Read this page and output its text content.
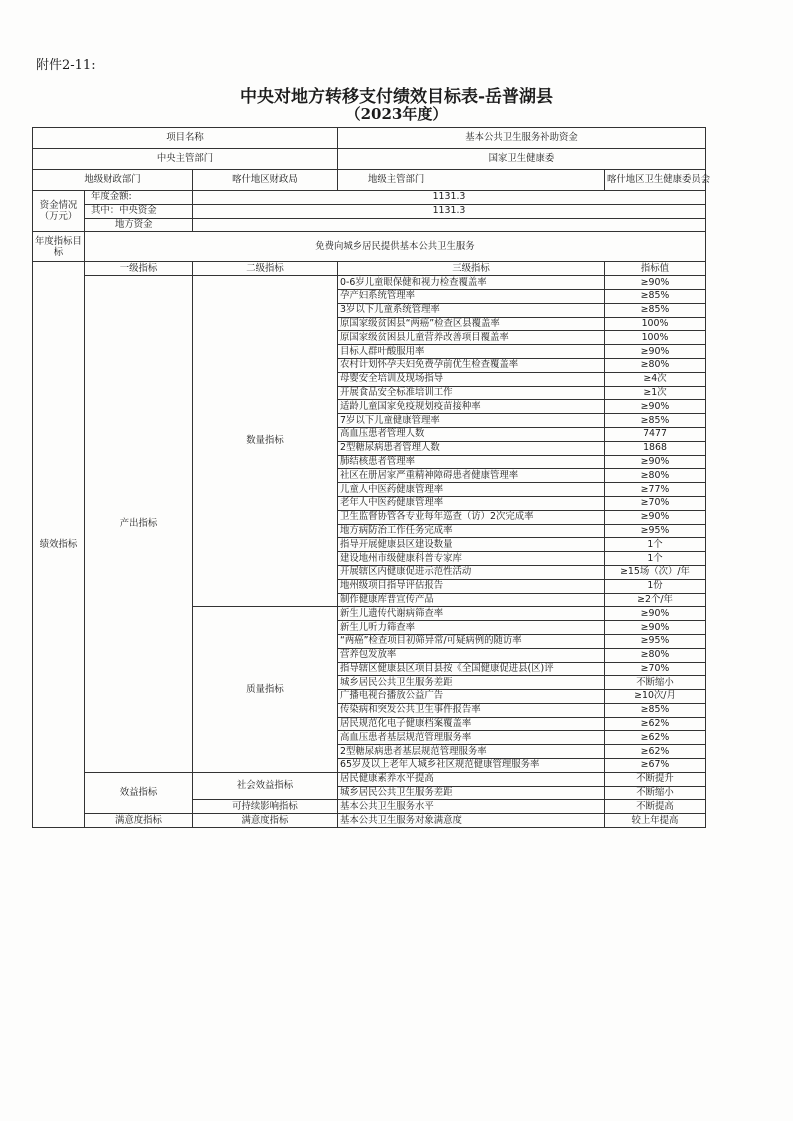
附件2-11:
中央对地方转移支付绩效目标表-岳普湖县
（2023年度）
项目名称			基本公共卫生服务补助资金	
中央主管部门			国家卫生健康委	
地级财政部门		喀什地区财政局	地级主管部门	喀什地区卫生健康委员会
资金情况（万元）	年度金额:	1131.3		
	其中：中央资金	1131.3		
	地方资金			
年度指标目标	免费向城乡居民提供基本公共卫生服务			
绩效指标	一级指标	二级指标	三级指标	指标值
	产出指标	数量指标	0-6岁儿童眼保健和视力检查覆盖率	≥90%
			孕产妇系统管理率	≥85%
			3岁以下儿童系统管理率	≥85%
			原国家级贫困县“两癌”检查区县覆盖率	100%
			原国家级贫困县儿童营养改善项目覆盖率	100%
			目标人群叶酸服用率	≥90%
			农村计划怀孕夫妇免费孕前优生检查覆盖率	≥80%
			母婴安全培训及现场指导	≥4次
			开展食品安全标准培训工作	≥1次
			适龄儿童国家免疫规划疫苗接种率	≥90%
			7岁以下儿童健康管理率	≥85%
			高血压患者管理人数	7477
			2型糖尿病患者管理人数	1868
			肺结核患者管理率	≥90%
			社区在册居家严重精神障碍患者健康管理率	≥80%
			儿童人中医药健康管理率	≥77%
			老年人中医药健康管理率	≥70%
			卫生监督协管各专业每年巡查（访）2次完成率	≥90%
			地方病防治工作任务完成率	≥95%
			指导开展健康县区建设数量	1个
			建设地州市级健康科普专家库	1个
			开展辖区内健康促进示范性活动	≥15场（次）/年
			地州级项目指导评估报告	1份
			制作健康库普宣传产品	≥2个/年
		质量指标	新生儿遗传代谢病筛查率	≥90%
			新生儿听力筛查率	≥90%
			“两癌”检查项目初筛异常/可疑病例的随访率	≥95%
			营养包发放率	≥80%
			指导辖区健康县区项目县按《全国健康促进县(区)评	≥70%
			城乡居民公共卫生服务差距	不断缩小
			广播电视台播放公益广告	≥10次/月
			传染病和突发公共卫生事件报告率	≥85%
			居民规范化电子健康档案覆盖率	≥62%
			高血压患者基层规范管理服务率	≥62%
			2型糖尿病患者基层规范管理服务率	≥62%
			65岁及以上老年人城乡社区规范健康管理服务率	≥67%
	效益指标	社会效益指标	居民健康素养水平提高	不断提升
			城乡居民公共卫生服务差距	不断缩小
		可持续影响指标	基本公共卫生服务水平	不断提高
	满意度指标	满意度指标	基本公共卫生服务对象满意度	较上年提高
